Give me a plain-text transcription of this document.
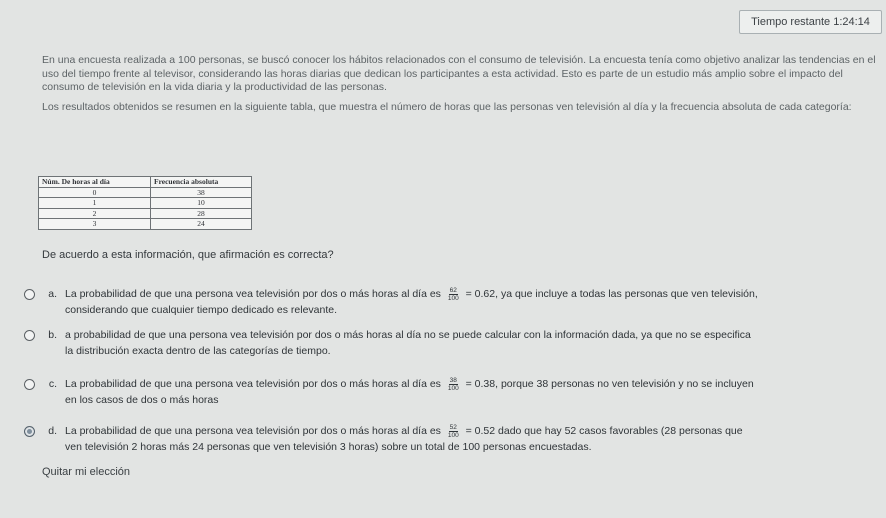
Tiempo restante 1:24:14

En una encuesta realizada a 100 personas, se buscó conocer los hábitos relacionados con el consumo de televisión. La encuesta tenía como objetivo analizar las tendencias en el uso del tiempo frente al televisor, considerando las horas diarias que dedican los participantes a esta actividad. Esto es parte de un estudio más amplio sobre el impacto del consumo de televisión en la vida diaria y la productividad de las personas.

Los resultados obtenidos se resumen en la siguiente tabla, que muestra el número de horas que las personas ven televisión al día y la frecuencia absoluta de cada categoría:

Núm. De horas al día	Frecuencia absoluta
0	38
1	10
2	28
3	24
De acuerdo a esta información, que afirmación es correcta?
a. La probabilidad de que una persona vea televisión por dos o más horas al día es $\frac{62}{100} = 0.62$, ya que incluye a todas las personas que ven televisión,
considerando que cualquier tiempo dedicado es relevante.
b. a probabilidad de que una persona vea televisión por dos o más horas al día no se puede calcular con la información dada, ya que no se especifica
la distribución exacta dentro de las categorías de tiempo.
c. La probabilidad de que una persona vea televisión por dos o más horas al día es $\frac{38}{100} = 0.38$, porque 38 personas no ven televisión y no se incluyen
en los casos de dos o más horas
d. La probabilidad de que una persona vea televisión por dos o más horas al día es $\frac{52}{100} = 0.52$ dado que hay 52 casos favorables (28 personas que
ven televisión 2 horas más 24 personas que ven televisión 3 horas) sobre un total de 100 personas encuestadas.
Quitar mi elección
